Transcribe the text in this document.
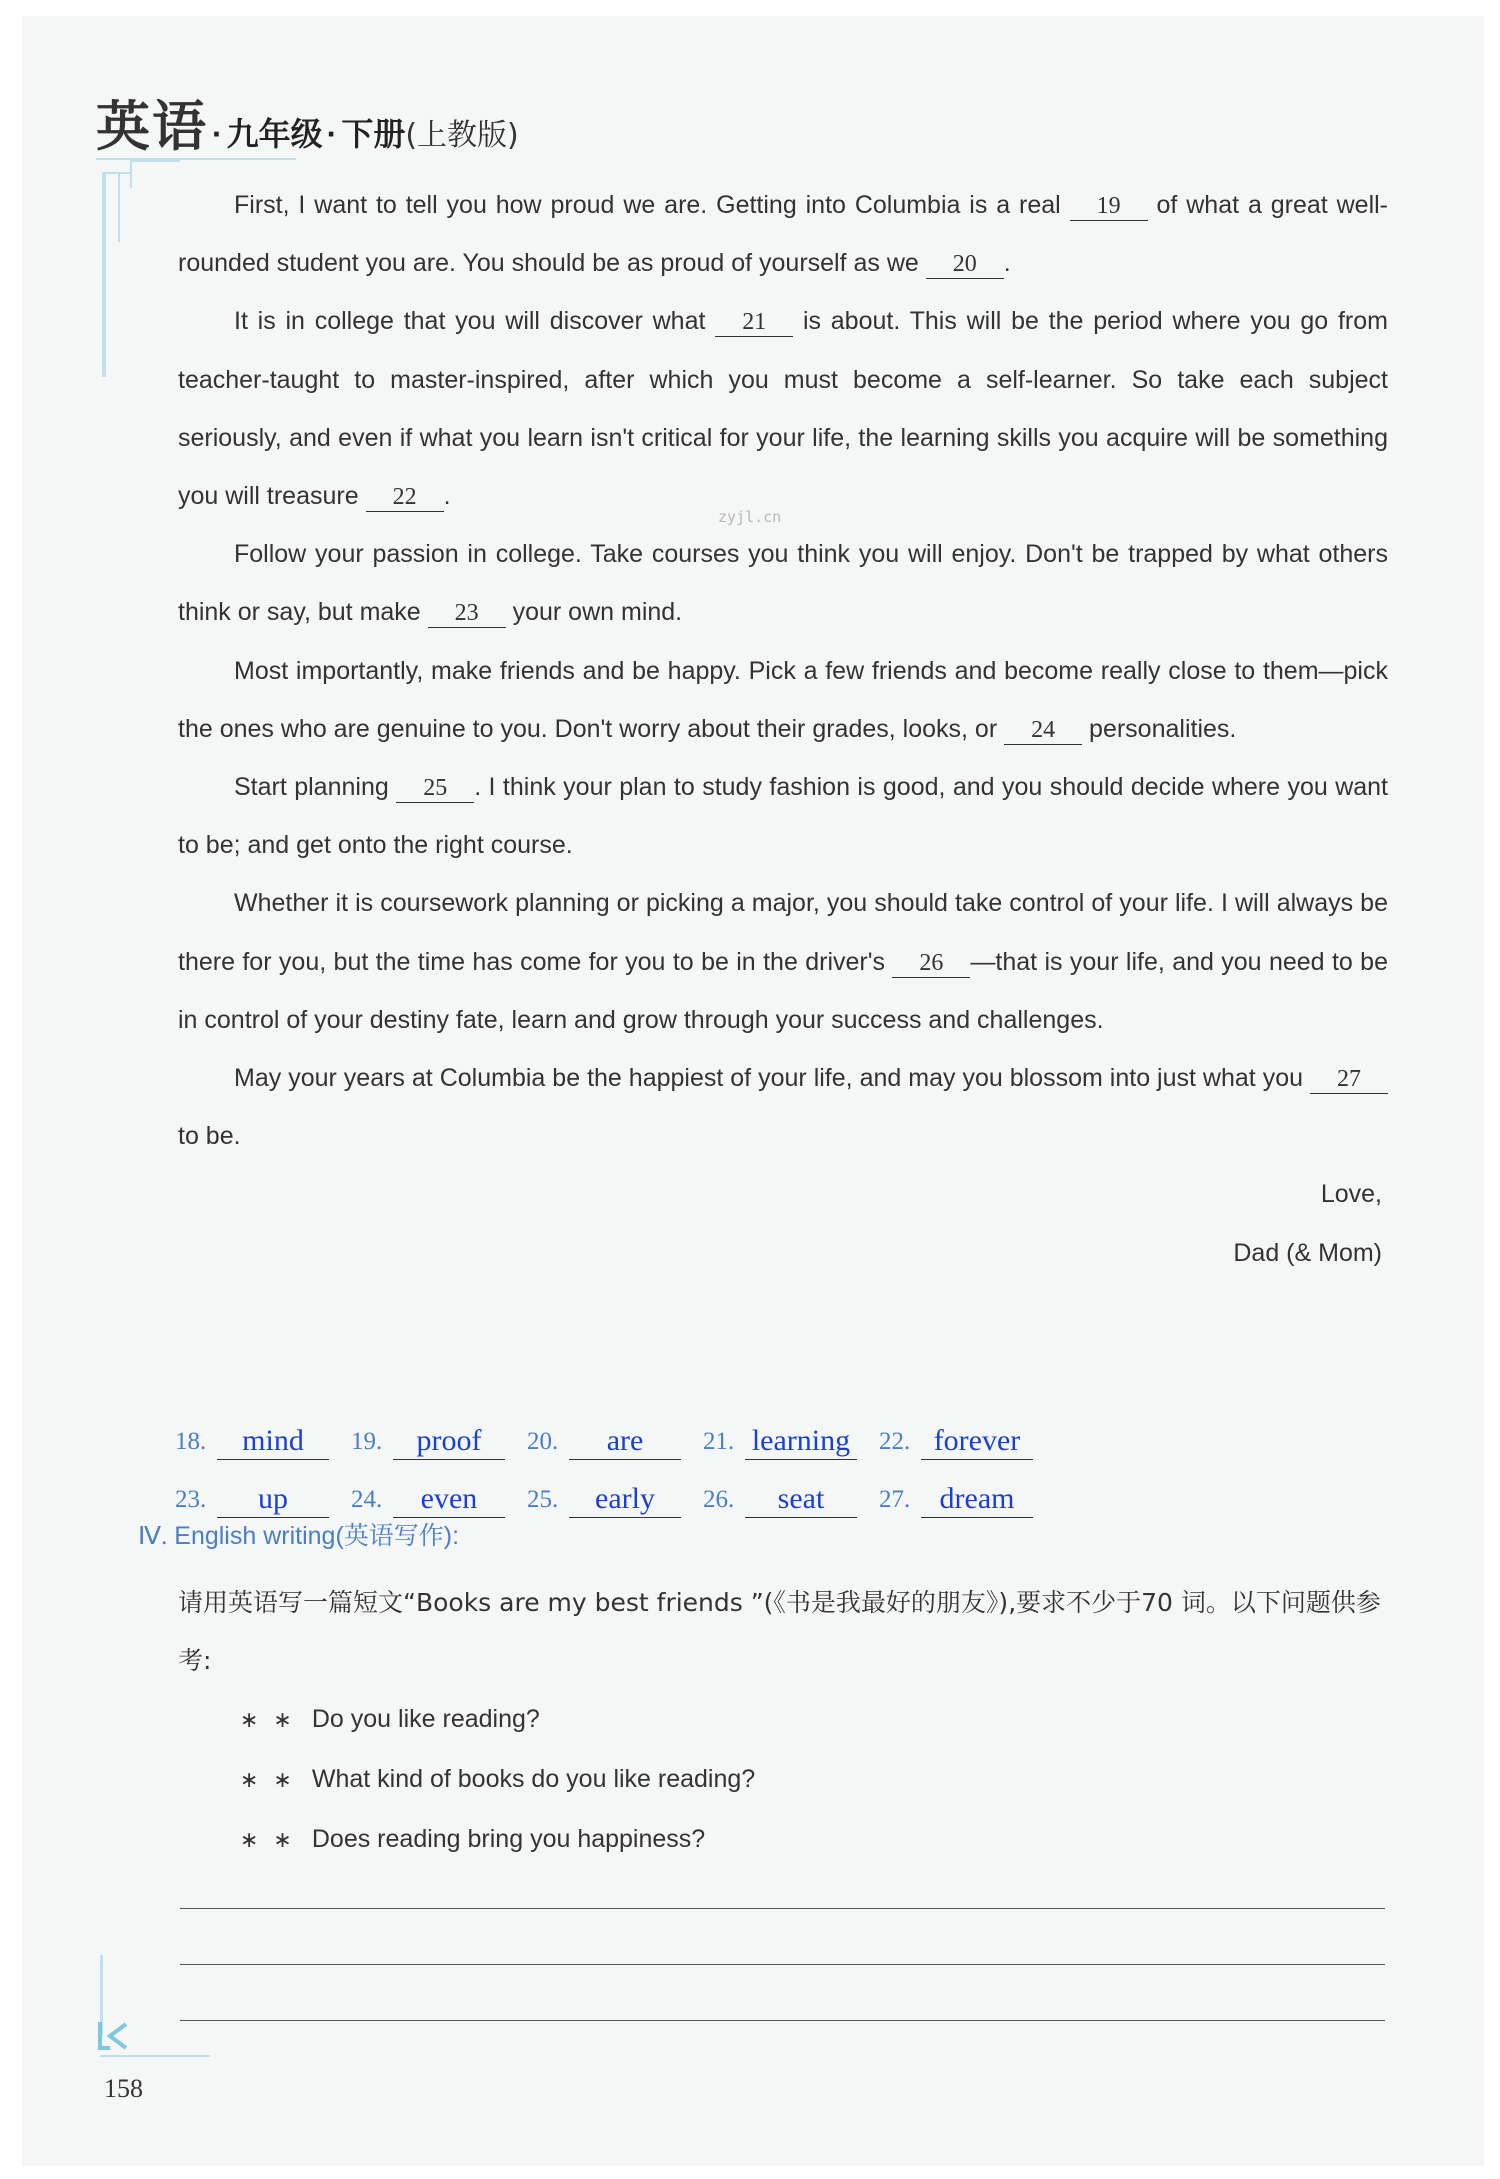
英语 · 九年级 · 下册(上教版)
zyjl.cn

First, I want to tell you how proud we are. Getting into Columbia is a real 19 of what a great well-rounded student you are. You should be as proud of yourself as we 20 .

It is in college that you will discover what 21 is about. This will be the period where you go from teacher-taught to master-inspired, after which you must become a self-learner. So take each subject seriously, and even if what you learn isn't critical for your life, the learning skills you acquire will be something you will treasure 22 .

Follow your passion in college. Take courses you think you will enjoy. Don't be trapped by what others think or say, but make 23 your own mind.

Most importantly, make friends and be happy. Pick a few friends and become really close to them—pick the ones who are genuine to you. Don't worry about their grades, looks, or 24 personalities.

Start planning 25 . I think your plan to study fashion is good, and you should decide where you want to be; and get onto the right course.

Whether it is coursework planning or picking a major, you should take control of your life. I will always be there for you, but the time has come for you to be in the driver's 26 —that is your life, and you need to be in control of your destiny fate, learn and grow through your success and challenges.

May your years at Columbia be the happiest of your life, and may you blossom into just what you 27 to be.

Love,

Dad (& Mom)

18.	mind	19.	proof	20.	are	21. learning 22. forever
23.	up	24.	even	25.	early	26.	seat	27. dream
Ⅳ. English writing(英语写作):
请用英语写一篇短文“Books are my best friends ”(《书是我最好的朋友》),要求不少于70 词。以下问题供参考:
∗ ∗ Do you like reading?
∗ ∗ What kind of books do you like reading?
∗ ∗ Does reading bring you happiness?
158
